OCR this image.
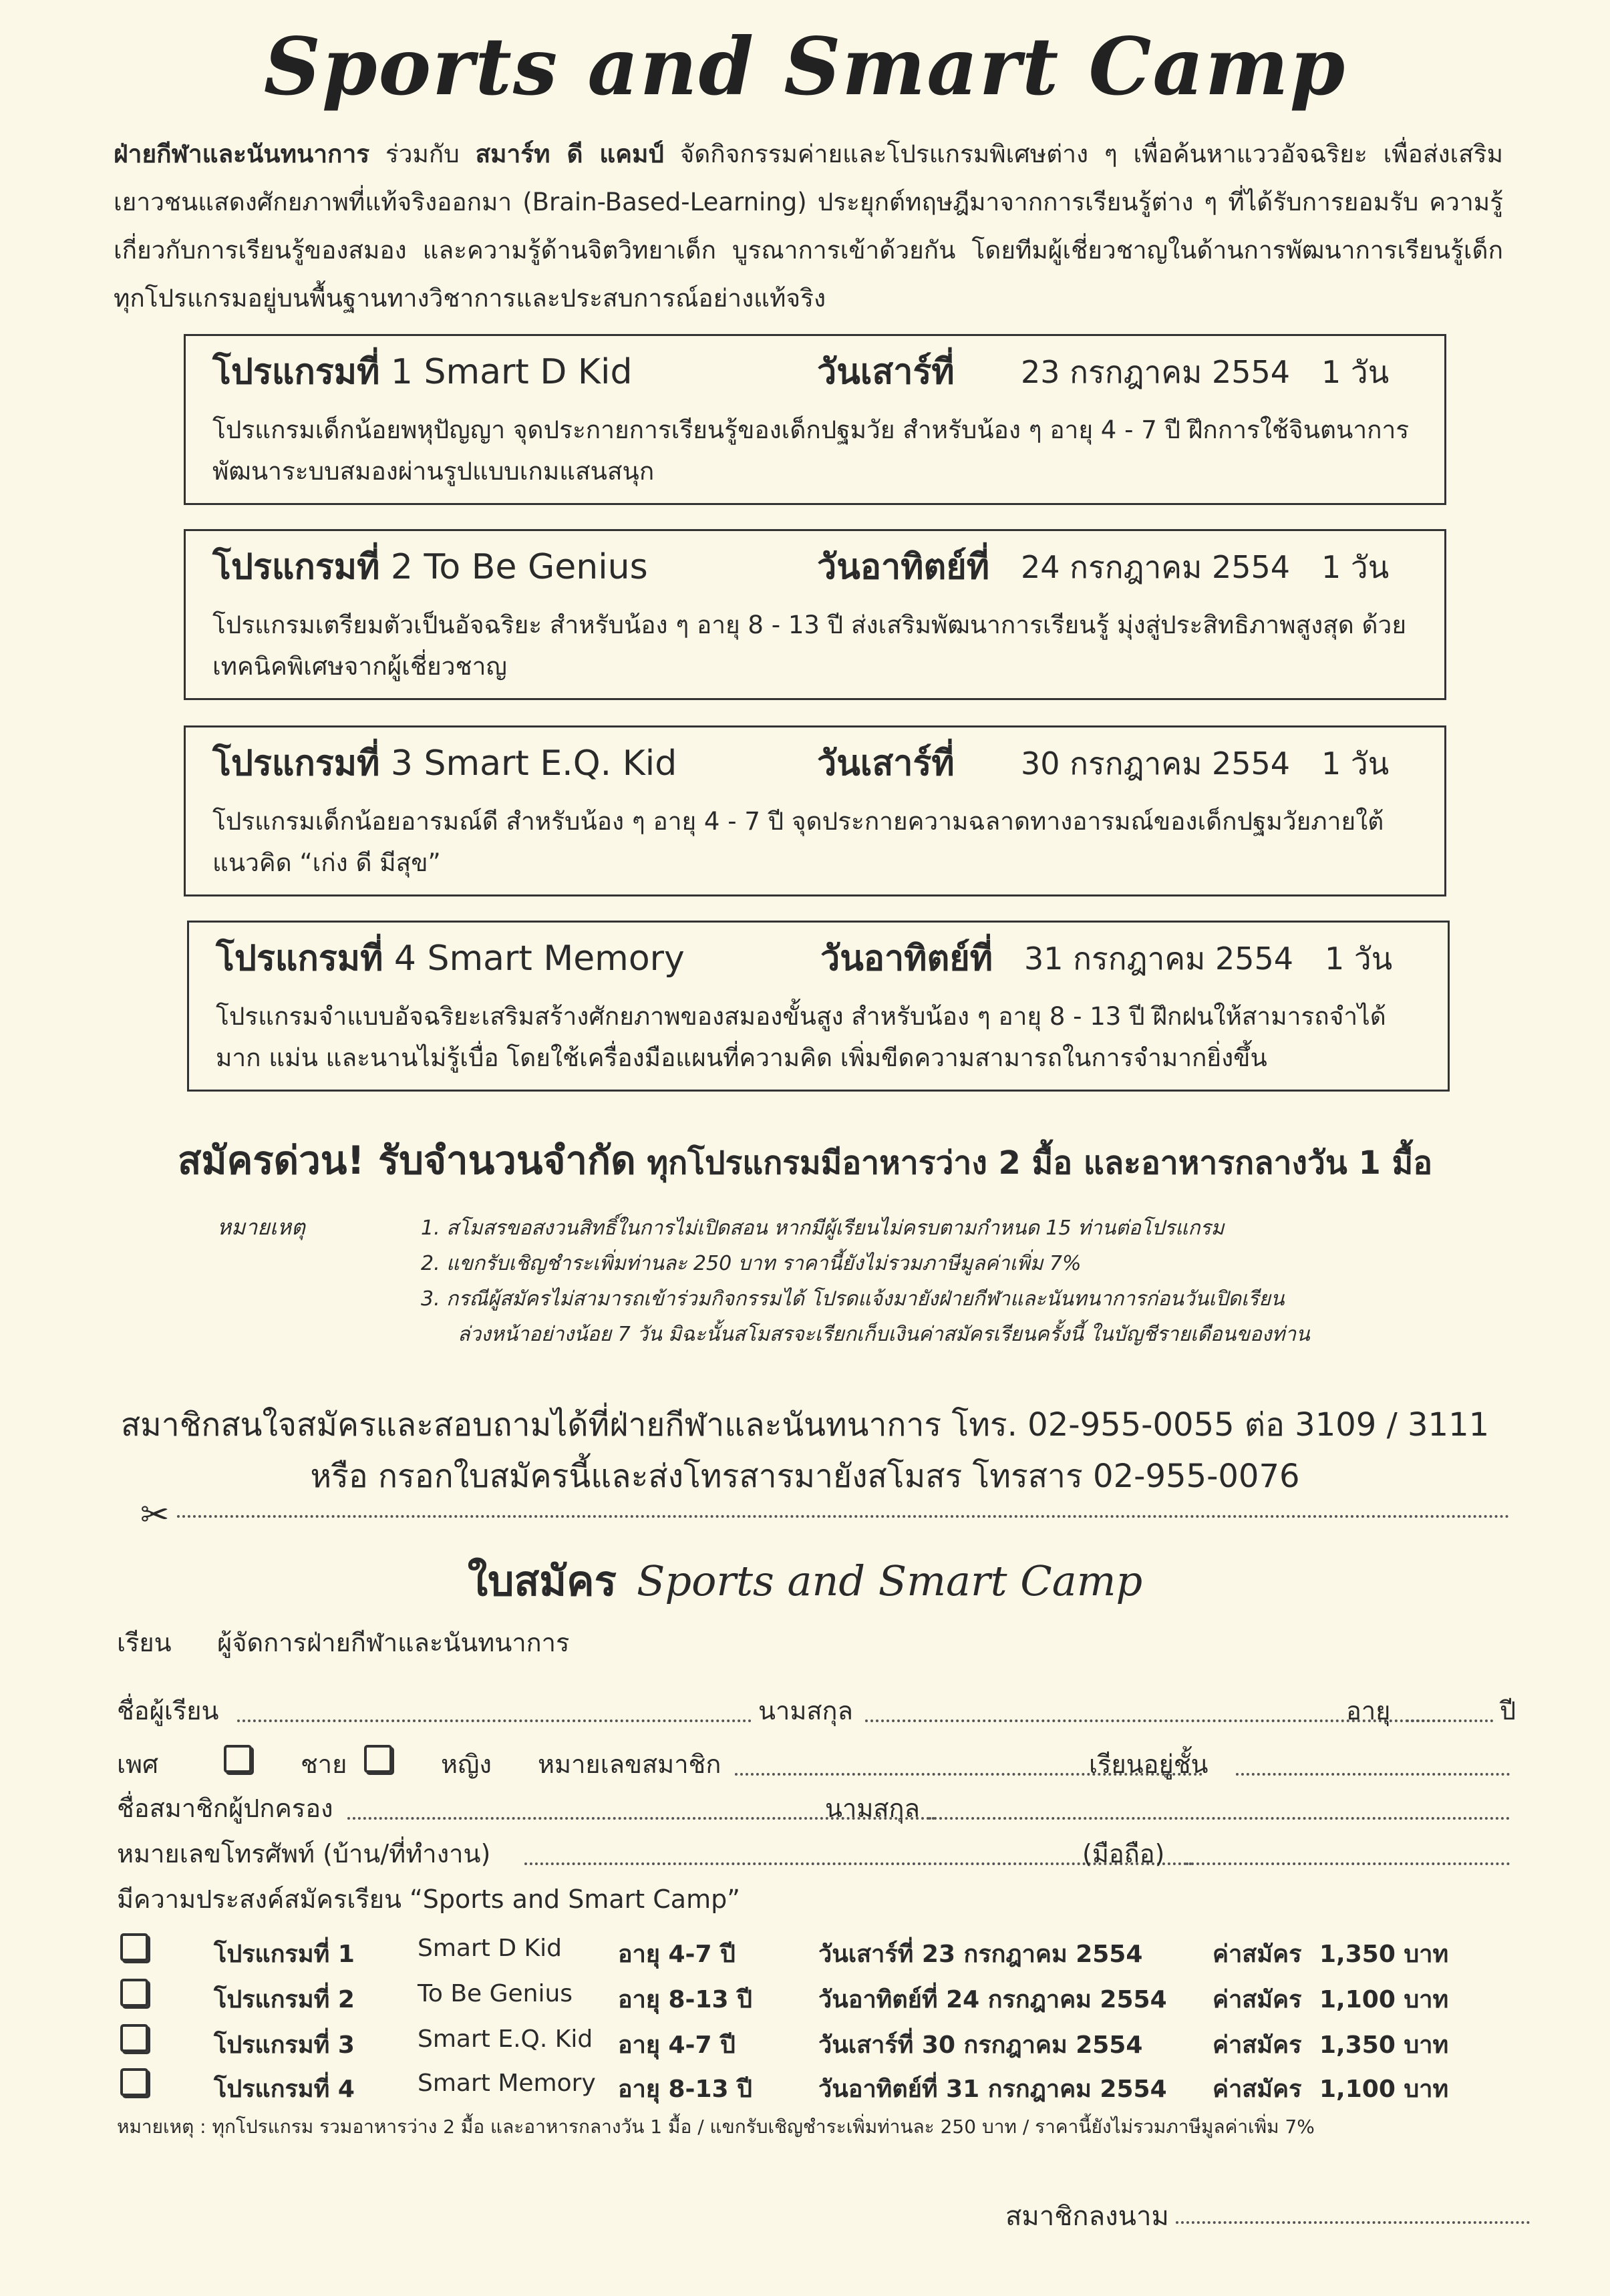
Sports and Smart Camp
ฝ่ายกีฬาและนันทนาการ ร่วมกับ สมาร์ท ดี แคมป์ จัดกิจกรรมค่ายและโปรแกรมพิเศษต่าง ๆ เพื่อค้นหาแววอัจฉริยะ เพื่อส่งเสริมเยาวชนแสดงศักยภาพที่แท้จริงออกมา (Brain-Based-Learning) ประยุกต์ทฤษฎีมาจากการเรียนรู้ต่าง ๆ ที่ได้รับการยอมรับ ความรู้เกี่ยวกับการเรียนรู้ของสมอง และความรู้ด้านจิตวิทยาเด็ก บูรณาการเข้าด้วยกัน โดยทีมผู้เชี่ยวชาญในด้านการพัฒนาการเรียนรู้เด็ก ทุกโปรแกรมอยู่บนพื้นฐานทางวิชาการและประสบการณ์อย่างแท้จริง
โปรแกรมที่ 1 Smart D Kid	วันเสาร์ที่ 23 กรกฎาคม 2554 1 วัน
โปรแกรมเด็กน้อยพหุปัญญา จุดประกายการเรียนรู้ของเด็กปฐมวัย สำหรับน้อง ๆ อายุ 4 - 7 ปี ฝึกการใช้จินตนาการ พัฒนาระบบสมองผ่านรูปแบบเกมแสนสนุก
โปรแกรมที่ 2 To Be Genius	วันอาทิตย์ที่ 24 กรกฎาคม 2554 1 วัน
โปรแกรมเตรียมตัวเป็นอัจฉริยะ สำหรับน้อง ๆ อายุ 8 - 13 ปี ส่งเสริมพัฒนาการเรียนรู้ มุ่งสู่ประสิทธิภาพสูงสุด ด้วยเทคนิคพิเศษจากผู้เชี่ยวชาญ
โปรแกรมที่ 3 Smart E.Q. Kid	วันเสาร์ที่ 30 กรกฎาคม 2554 1 วัน
โปรแกรมเด็กน้อยอารมณ์ดี สำหรับน้อง ๆ อายุ 4 - 7 ปี จุดประกายความฉลาดทางอารมณ์ของเด็กปฐมวัยภายใต้แนวคิด “เก่ง ดี มีสุข”
โปรแกรมที่ 4 Smart Memory	วันอาทิตย์ที่ 31 กรกฎาคม 2554 1 วัน
โปรแกรมจำแบบอัจฉริยะเสริมสร้างศักยภาพของสมองขั้นสูง สำหรับน้อง ๆ อายุ 8 - 13 ปี ฝึกฝนให้สามารถจำได้มาก แม่น และนานไม่รู้เบื่อ โดยใช้เครื่องมือแผนที่ความคิด เพิ่มขีดความสามารถในการจำมากยิ่งขึ้น
สมัครด่วน! รับจำนวนจำกัด ทุกโปรแกรมมีอาหารว่าง 2 มื้อ และอาหารกลางวัน 1 มื้อ
หมายเหตุ	1. สโมสรขอสงวนสิทธิ์ในการไม่เปิดสอน หากมีผู้เรียนไม่ครบตามกำหนด 15 ท่านต่อโปรแกรม
2. แขกรับเชิญชำระเพิ่มท่านละ 250 บาท ราคานี้ยังไม่รวมภาษีมูลค่าเพิ่ม 7%
3. กรณีผู้สมัครไม่สามารถเข้าร่วมกิจกรรมได้ โปรดแจ้งมายังฝ่ายกีฬาและนันทนาการก่อนวันเปิดเรียน
ล่วงหน้าอย่างน้อย 7 วัน มิฉะนั้นสโมสรจะเรียกเก็บเงินค่าสมัครเรียนครั้งนี้ ในบัญชีรายเดือนของท่าน
สมาชิกสนใจสมัครและสอบถามได้ที่ฝ่ายกีฬาและนันทนาการ โทร. 02-955-0055 ต่อ 3109 / 3111
หรือ กรอกใบสมัครนี้และส่งโทรสารมายังสโมสร โทรสาร 02-955-0076
✂
ใบสมัคร Sports and Smart Camp
เรียน ผู้จัดการฝ่ายกีฬาและนันทนาการ
ชื่อผู้เรียน	นามสกุล	อายุ	ปี
เพศ	ชาย	หญิง หมายเลขสมาชิก	เรียนอยู่ชั้น
ชื่อสมาชิกผู้ปกครอง	นามสกุล
หมายเลขโทรศัพท์ (บ้าน/ที่ทำงาน)	(มือถือ)
มีความประสงค์สมัครเรียน “Sports and Smart Camp”
โปรแกรมที่ 1	Smart D Kid อายุ 4-7 ปี	วันเสาร์ที่ 23 กรกฎาคม 2554	ค่าสมัคร 1,350 บาท
โปรแกรมที่ 2	To Be Genius อายุ 8-13 ปี	วันอาทิตย์ที่ 24 กรกฎาคม 2554 ค่าสมัคร 1,100 บาท
โปรแกรมที่ 3	Smart E.Q. Kid อายุ 4-7 ปี	วันเสาร์ที่ 30 กรกฎาคม 2554	ค่าสมัคร 1,350 บาท
โปรแกรมที่ 4	Smart Memory อายุ 8-13 ปี	วันอาทิตย์ที่ 31 กรกฎาคม 2554 ค่าสมัคร 1,100 บาท
หมายเหตุ : ทุกโปรแกรม รวมอาหารว่าง 2 มื้อ และอาหารกลางวัน 1 มื้อ / แขกรับเชิญชำระเพิ่มท่านละ 250 บาท / ราคานี้ยังไม่รวมภาษีมูลค่าเพิ่ม 7%
สมาชิกลงนาม
